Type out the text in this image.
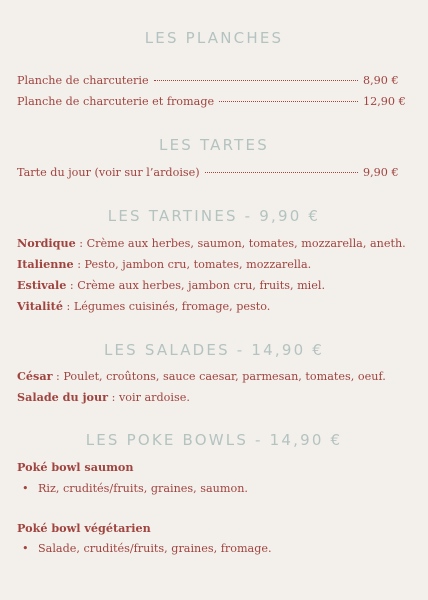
LES PLANCHES
Planche de charcuterie	8,90 €
Planche de charcuterie et fromage	12,90 €
LES TARTES
Tarte du jour (voir sur l’ardoise)	9,90 €
LES TARTINES - 9,90 €
Nordique : Crème aux herbes, saumon, tomates, mozzarella, aneth.
Italienne : Pesto, jambon cru, tomates, mozzarella.
Estivale : Crème aux herbes, jambon cru, fruits, miel.
Vitalité : Légumes cuisinés, fromage, pesto.
LES SALADES - 14,90 €
César : Poulet, croûtons, sauce caesar, parmesan, tomates, oeuf.
Salade du jour : voir ardoise.
LES POKE BOWLS - 14,90 €
Poké bowl saumon
• Riz, crudités/fruits, graines, saumon.
Poké bowl végétarien
• Salade, crudités/fruits, graines, fromage.
